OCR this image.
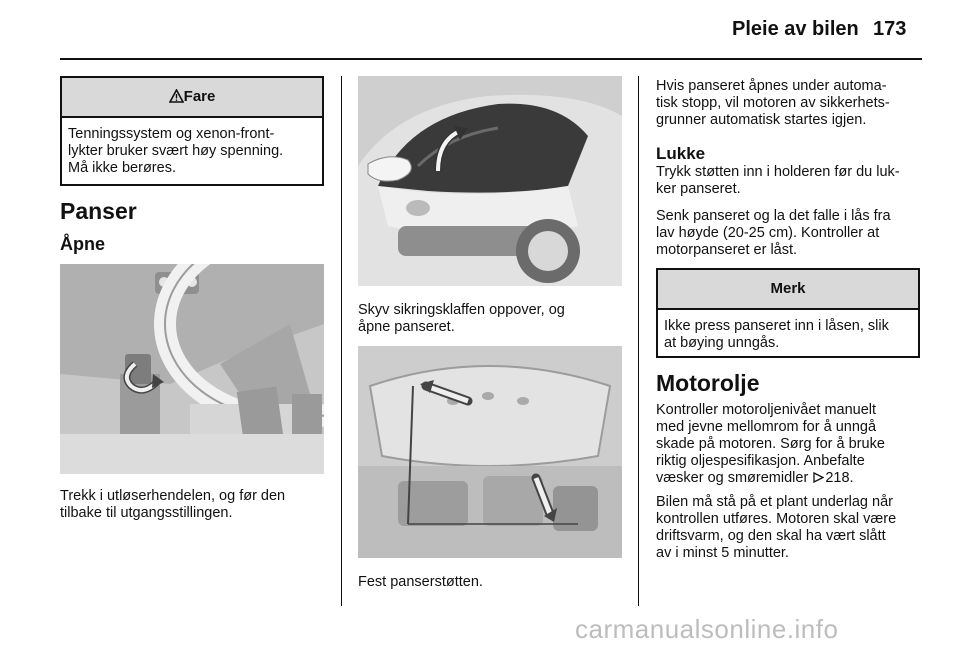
Pleie av bilen 173
Fare
Tenningssystem og xenon-front-
lykter bruker svært høy spenning.
Må ikke berøres.
Panser
Åpne
Trekk i utløserhendelen, og før den
tilbake til utgangsstillingen.
Skyv sikringsklaffen oppover, og
åpne panseret.
Fest panserstøtten.
Hvis panseret åpnes under automa-
tisk stopp, vil motoren av sikkerhets-
grunner automatisk startes igjen.
Lukke
Trykk støtten inn i holderen før du luk-
ker panseret.
Senk panseret og la det falle i lås fra
lav høyde (20-25 cm). Kontroller at
motorpanseret er låst.
Merk
Ikke press panseret inn i låsen, slik
at bøying unngås.
Motorolje
Kontroller motoroljenivået manuelt
med jevne mellomrom for å unngå
skade på motoren. Sørg for å bruke
riktig oljespesifikasjon. Anbefalte
væsker og smøremidler 218.
Bilen må stå på et plant underlag når
kontrollen utføres. Motoren skal være
driftsvarm, og den skal ha vært slått
av i minst 5 minutter.
carmanualsonline.info
